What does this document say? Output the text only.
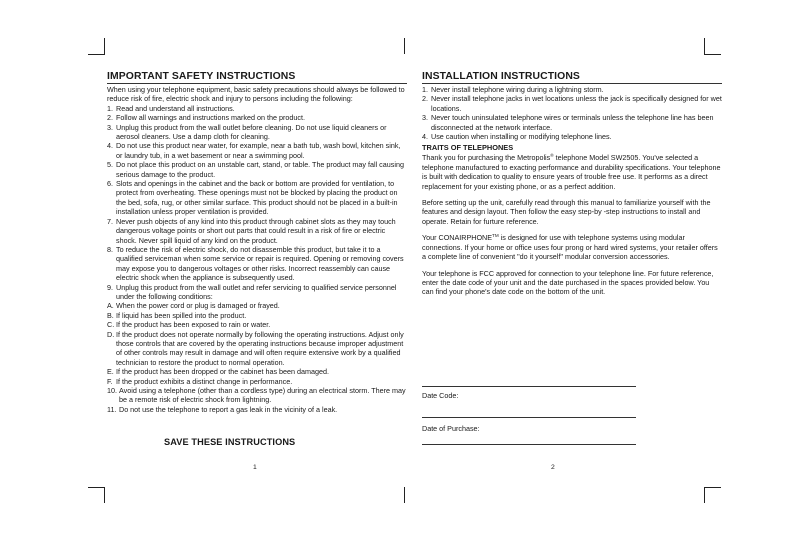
IMPORTANT SAFETY INSTRUCTIONS

When using your telephone equipment, basic safety precautions should always be followed to reduce risk of fire, electric shock and injury to persons including the following:

1. Read and understand all instructions.
2. Follow all warnings and instructions marked on the product.
3. Unplug this product from the wall outlet before cleaning. Do not use liquid cleaners or aerosol cleaners. Use a damp cloth for cleaning.
4. Do not use this product near water, for example, near a bath tub, wash bowl, kitchen sink, or laundry tub, in a wet basement or near a swimming pool.
5. Do not place this product on an unstable cart, stand, or table. The product may fall causing serious damage to the product.
6. Slots and openings in the cabinet and the back or bottom are provided for ventilation, to protect from overheating. These openings must not be blocked by placing the product on the bed, sofa, rug, or other similar surface. This product should not be placed in a built-in installation unless proper ventilation is provided.
7. Never push objects of any kind into this product through cabinet slots as they may touch dangerous voltage points or short out parts that could result in a risk of fire or electric shock. Never spill liquid of any kind on the product.
8. To reduce the risk of electric shock, do not disassemble this product, but take it to a qualified serviceman when some service or repair is required. Opening or removing covers may expose you to dangerous voltages or other risks. Incorrect reassembly can cause electric shock when the appliance is subsequently used.
9. Unplug this product from the wall outlet and refer servicing to qualified service personnel under the following conditions:
A. When the power cord or plug is damaged or frayed.
B. If liquid has been spilled into the product.
C. If the product has been exposed to rain or water.
D. If the product does not operate normally by following the operating instructions. Adjust only those controls that are covered by the operating instructions because improper adjustment of other controls may result in damage and will often require extensive work by a qualified technician to restore the product to normal operation.
E. If the product has been dropped or the cabinet has been damaged.
F. If the product exhibits a distinct change in performance.
10. Avoid using a telephone (other than a cordless type) during an electrical storm. There may be a remote risk of electric shock from lightning.
11. Do not use the telephone to report a gas leak in the vicinity of a leak.
SAVE THESE INSTRUCTIONS
1
INSTALLATION INSTRUCTIONS
1. Never install telephone wiring during a lightning storm.
2. Never install telephone jacks in wet locations unless the jack is specifically designed for wet locations.
3. Never touch uninsulated telephone wires or terminals unless the telephone line has been disconnected at the network interface.
4. Use caution when installing or modifying telephone lines.
TRAITS OF TELEPHONES

Thank you for purchasing the Metropolis® telephone Model SW2505. You've selected a telephone manufactured to exacting performance and durability specifications. Your telephone is built with dedication to quality to ensure years of trouble free use. It performs as a direct replacement for your existing phone, or as a perfect addition.

Before setting up the unit, carefully read through this manual to familiarize yourself with the features and design layout. Then follow the easy step-by -step instructions to install and operate. Retain for furture reference.

Your CONAIRPHONE™ is designed for use with telephone systems using modular connections. If your home or office uses four prong or hard wired systems, your retailer offers a complete line of convenient "do it yourself" modular conversion accessories.

Your telephone is FCC approved for connection to your telephone line. For future reference, enter the date code of your unit and the date purchased in the spaces provided below. You can find your phone's date code on the bottom of the unit.

Date Code:
Date of Purchase:
2
